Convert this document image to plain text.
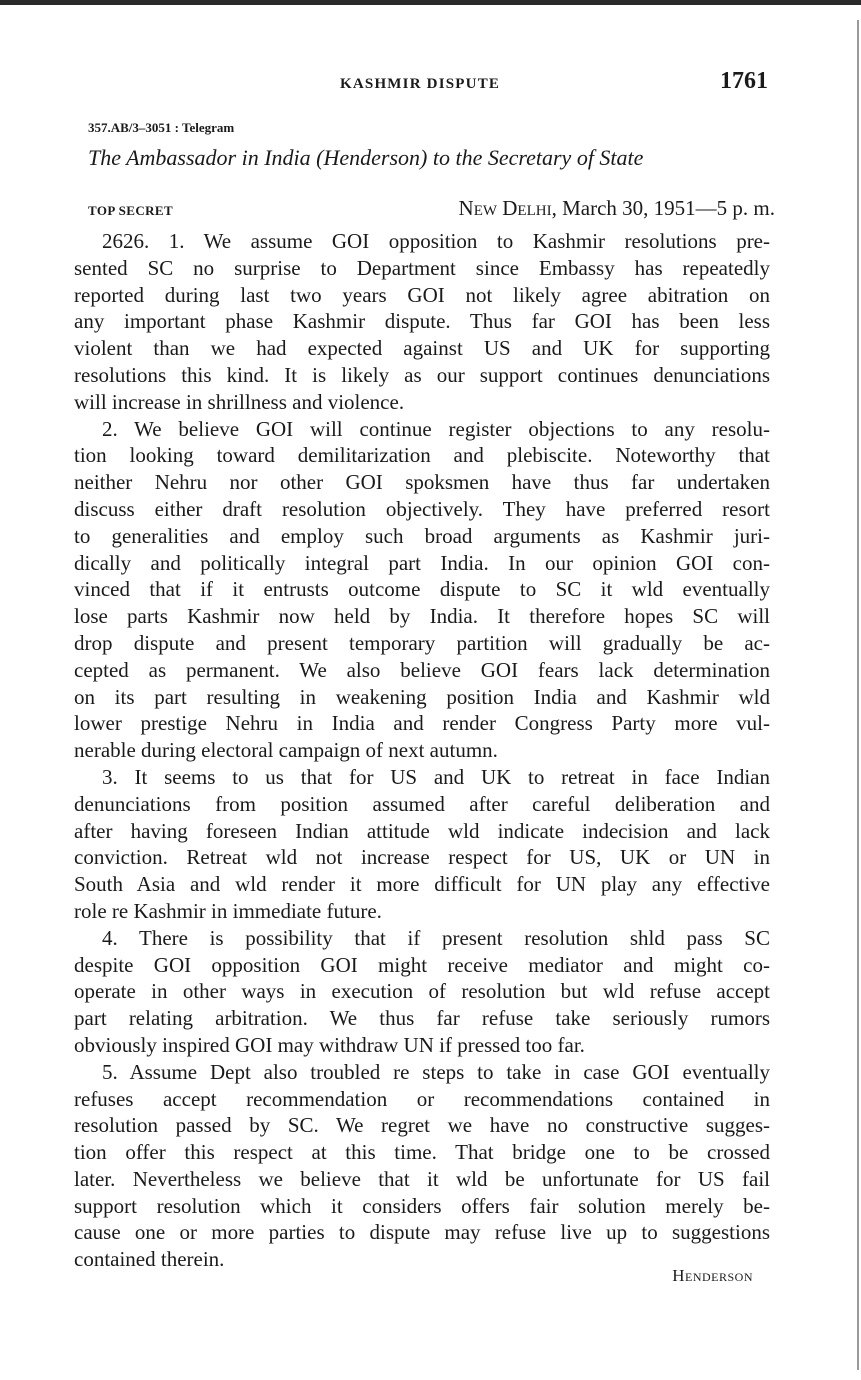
KASHMIR DISPUTE	1761
357.AB/3–3051 : Telegram
The Ambassador in India (Henderson) to the Secretary of State
TOP SECRET	New Delhi, March 30, 1951—5 p. m.

2626. 1. We assume GOI opposition to Kashmir resolutions pre-
sented SC no surprise to Department since Embassy has repeatedly
reported during last two years GOI not likely agree abitration on
any important phase Kashmir dispute. Thus far GOI has been less
violent than we had expected against US and UK for supporting
resolutions this kind. It is likely as our support continues denunciations
will increase in shrillness and violence.

2. We believe GOI will continue register objections to any resolu-
tion looking toward demilitarization and plebiscite. Noteworthy that
neither Nehru nor other GOI spoksmen have thus far undertaken
discuss either draft resolution objectively. They have preferred resort
to generalities and employ such broad arguments as Kashmir juri-
dically and politically integral part India. In our opinion GOI con-
vinced that if it entrusts outcome dispute to SC it wld eventually
lose parts Kashmir now held by India. It therefore hopes SC will
drop dispute and present temporary partition will gradually be ac-
cepted as permanent. We also believe GOI fears lack determination
on its part resulting in weakening position India and Kashmir wld
lower prestige Nehru in India and render Congress Party more vul-
nerable during electoral campaign of next autumn.

3. It seems to us that for US and UK to retreat in face Indian
denunciations from position assumed after careful deliberation and
after having foreseen Indian attitude wld indicate indecision and lack
conviction. Retreat wld not increase respect for US, UK or UN in
South Asia and wld render it more difficult for UN play any effective
role re Kashmir in immediate future.

4. There is possibility that if present resolution shld pass SC
despite GOI opposition GOI might receive mediator and might co-
operate in other ways in execution of resolution but wld refuse accept
part relating arbitration. We thus far refuse take seriously rumors
obviously inspired GOI may withdraw UN if pressed too far.

5. Assume Dept also troubled re steps to take in case GOI eventually
refuses accept recommendation or recommendations contained in
resolution passed by SC. We regret we have no constructive sugges-
tion offer this respect at this time. That bridge one to be crossed
later. Nevertheless we believe that it wld be unfortunate for US fail
support resolution which it considers offers fair solution merely be-
cause one or more parties to dispute may refuse live up to suggestions
contained therein.

Henderson
